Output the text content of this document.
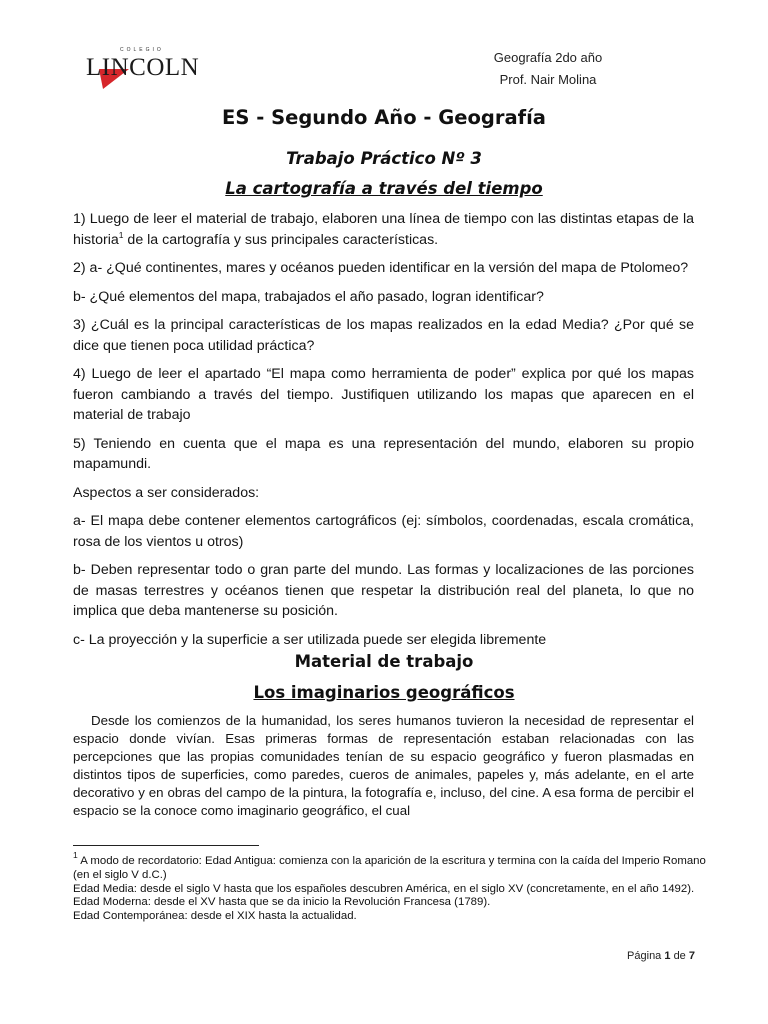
COLEGIO
LINCOLN	Geografía 2do año
Prof. Nair Molina
ES - Segundo Año - Geografía
Trabajo Práctico Nº 3
La cartografía a través del tiempo

1) Luego de leer el material de trabajo, elaboren una línea de tiempo con las distintas etapas de la historia$^1$ de la cartografía y sus principales características.

2) a- ¿Qué continentes, mares y océanos pueden identificar en la versión del mapa de Ptolomeo?

b- ¿Qué elementos del mapa, trabajados el año pasado, logran identificar?

3) ¿Cuál es la principal características de los mapas realizados en la edad Media? ¿Por qué se dice que tienen poca utilidad práctica?

4) Luego de leer el apartado “El mapa como herramienta de poder” explica por qué los mapas fueron cambiando a través del tiempo. Justifiquen utilizando los mapas que aparecen en el material de trabajo

5) Teniendo en cuenta que el mapa es una representación del mundo, elaboren su propio mapamundi.

Aspectos a ser considerados:

a- El mapa debe contener elementos cartográficos (ej: símbolos, coordenadas, escala cromática, rosa de los vientos u otros)

b- Deben representar todo o gran parte del mundo. Las formas y localizaciones de las porciones de masas terrestres y océanos tienen que respetar la distribución real del planeta, lo que no implica que deba mantenerse su posición.

c- La proyección y la superficie a ser utilizada puede ser elegida libremente

Material de trabajo
Los imaginarios geográficos
Desde los comienzos de la humanidad, los seres humanos tuvieron la necesidad de representar el espacio donde vivían. Esas primeras formas de representación estaban relacionadas con las percepciones que las propias comunidades tenían de su espacio geográfico y fueron plasmadas en distintos tipos de superficies, como paredes, cueros de animales, papeles y, más adelante, en el arte decorativo y en obras del campo de la pintura, la fotografía e, incluso, del cine. A esa forma de percibir el espacio se la conoce como imaginario geográfico, el cual
$^1$ A modo de recordatorio: Edad Antigua: comienza con la aparición de la escritura y termina con la caída del Imperio Romano (en el siglo V d.C.)
Edad Media: desde el siglo V hasta que los españoles descubren América, en el siglo XV (concretamente, en el año 1492).
Edad Moderna: desde el XV hasta que se da inicio la Revolución Francesa (1789).
Edad Contemporánea: desde el XIX hasta la actualidad.
Página 1 de 7
